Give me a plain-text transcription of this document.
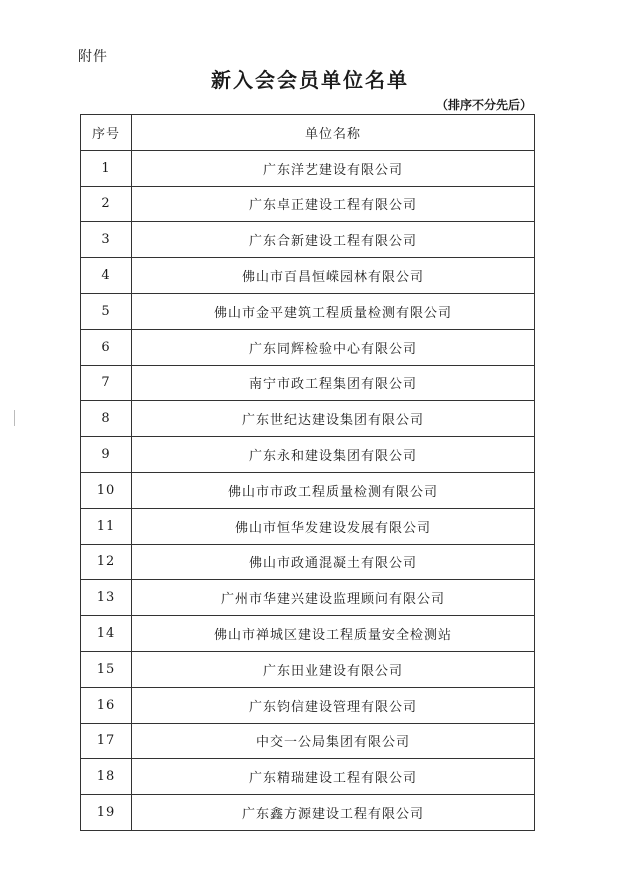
附件
新入会会员单位名单
（排序不分先后）
序号	单位名称
1	广东洋艺建设有限公司
2	广东卓正建设工程有限公司
3	广东合新建设工程有限公司
4	佛山市百昌恒嵘园林有限公司
5	佛山市金平建筑工程质量检测有限公司
6	广东同辉检验中心有限公司
7	南宁市政工程集团有限公司
8	广东世纪达建设集团有限公司
9	广东永和建设集团有限公司
10	佛山市市政工程质量检测有限公司
11	佛山市恒华发建设发展有限公司
12	佛山市政通混凝土有限公司
13	广州市华建兴建设监理顾问有限公司
14	佛山市禅城区建设工程质量安全检测站
15	广东田业建设有限公司
16	广东钧信建设管理有限公司
17	中交一公局集团有限公司
18	广东精瑞建设工程有限公司
19	广东鑫方源建设工程有限公司
